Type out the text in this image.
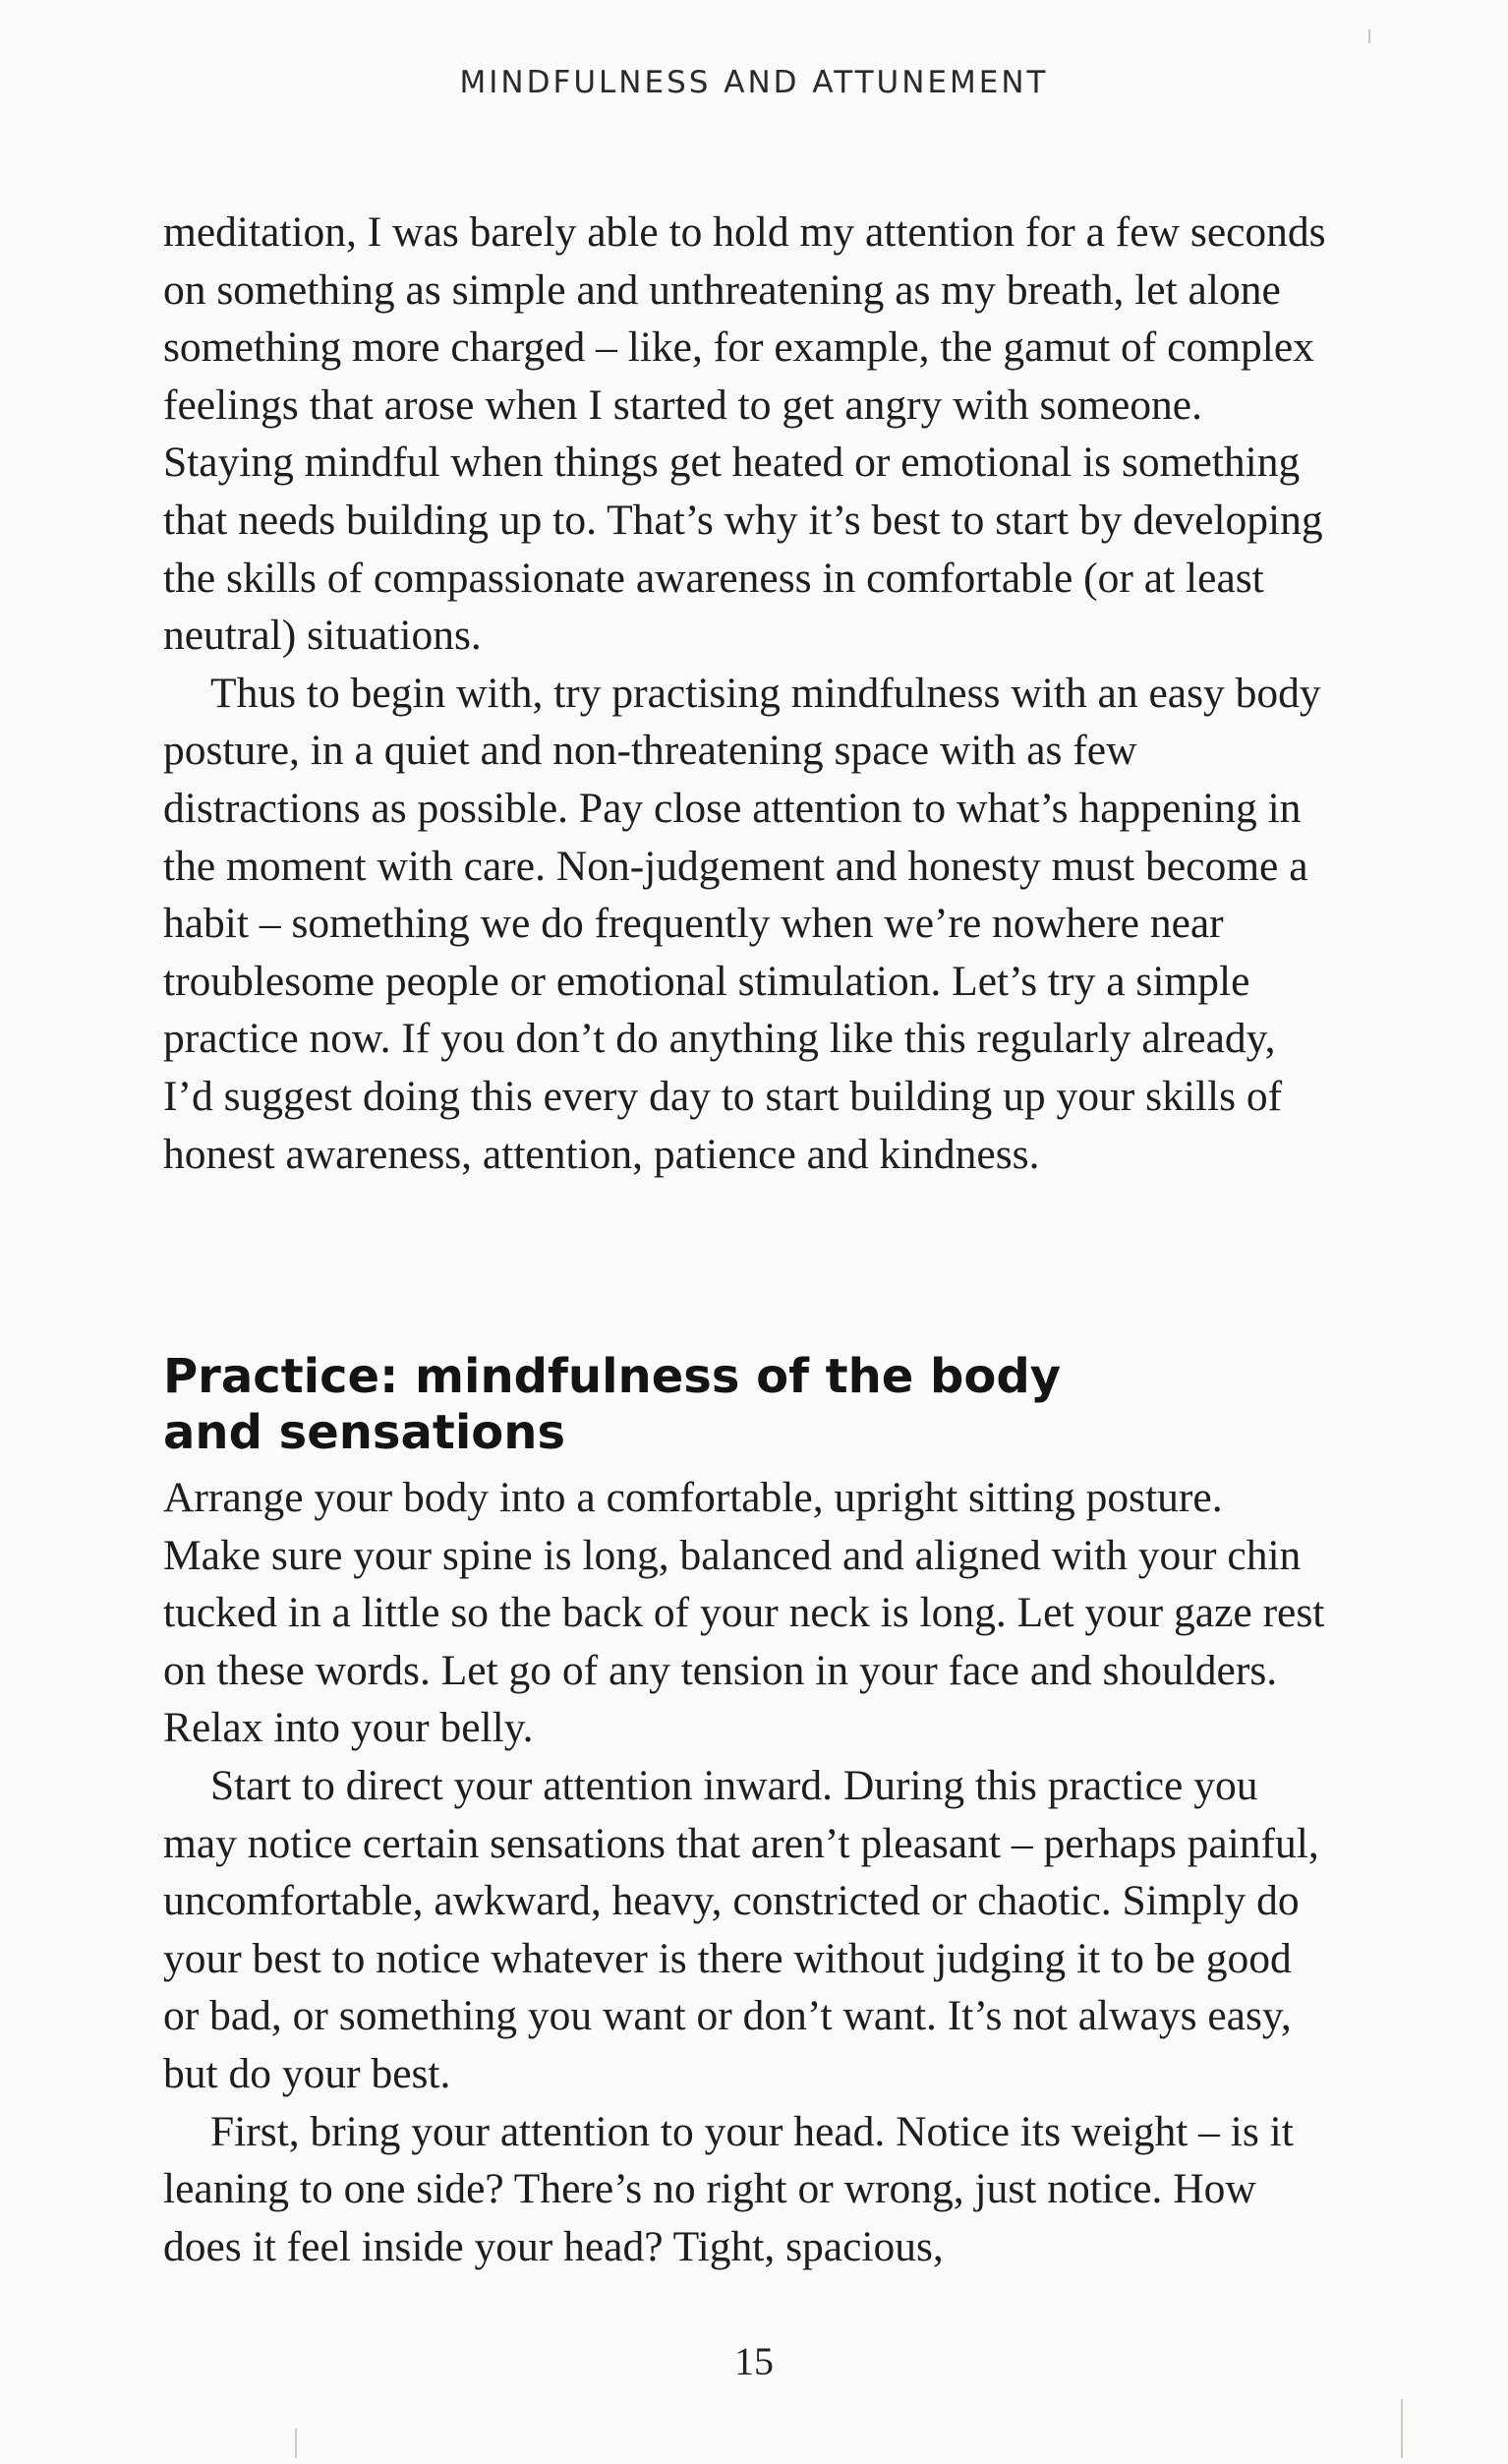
MINDFULNESS AND ATTUNEMENT

meditation, I was barely able to hold my attention for a few seconds on something as simple and unthreatening as my breath, let alone something more charged – like, for example, the gamut of complex feelings that arose when I started to get angry with someone. Staying mindful when things get heated or emotional is something that needs building up to. That’s why it’s best to start by developing the skills of compassionate awareness in comfortable (or at least neutral) situations.

Thus to begin with, try practising mindfulness with an easy body posture, in a quiet and non-threatening space with as few distractions as possible. Pay close attention to what’s happening in the moment with care. Non-judgement and honesty must become a habit – something we do frequently when we’re nowhere near troublesome people or emotional stimulation. Let’s try a simple practice now. If you don’t do anything like this regularly already, I’d suggest doing this every day to start building up your skills of honest awareness, attention, patience and kindness.

Practice: mindfulness of the body
and sensations

Arrange your body into a comfortable, upright sitting posture. Make sure your spine is long, balanced and aligned with your chin tucked in a little so the back of your neck is long. Let your gaze rest on these words. Let go of any tension in your face and shoulders. Relax into your belly.

Start to direct your attention inward. During this practice you may notice certain sensations that aren’t pleasant – perhaps painful, uncomfortable, awkward, heavy, constricted or chaotic. Simply do your best to notice whatever is there without judging it to be good or bad, or something you want or don’t want. It’s not always easy, but do your best.

First, bring your attention to your head. Notice its weight – is it leaning to one side? There’s no right or wrong, just notice. How does it feel inside your head? Tight, spacious,

15
